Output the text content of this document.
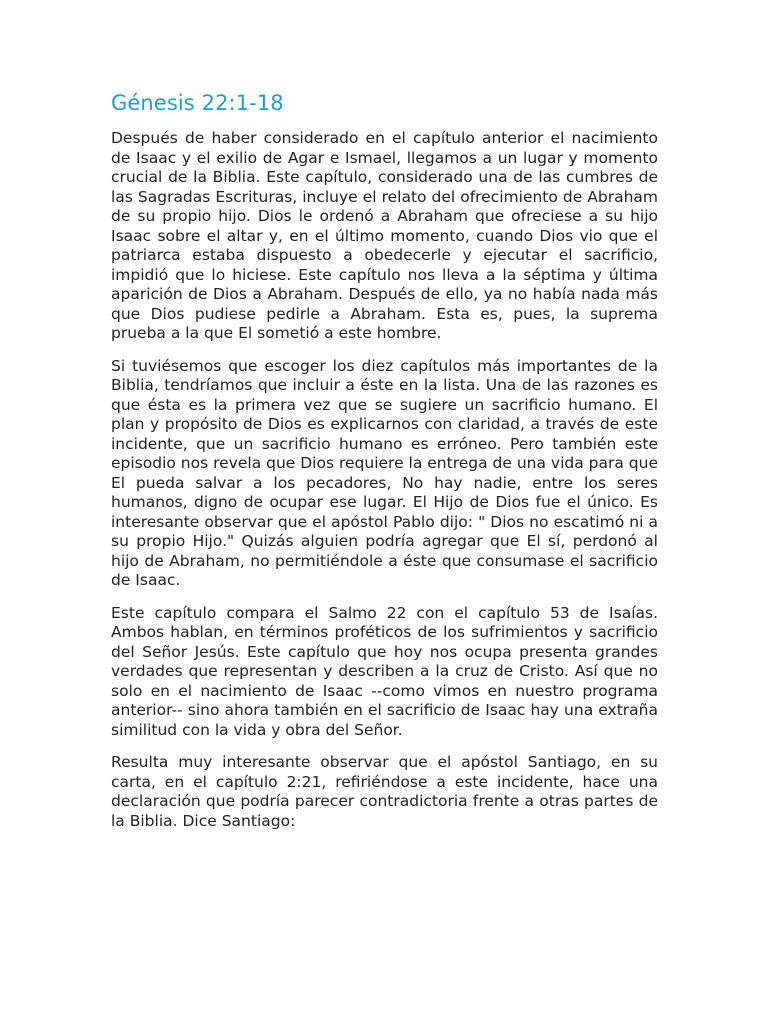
Génesis 22:1-18

Después de haber considerado en el capítulo anterior el nacimiento de Isaac y el exilio de Agar e Ismael, llegamos a un lugar y momento crucial de la Biblia. Este capítulo, considerado una de las cumbres de las Sagradas Escrituras, incluye el relato del ofrecimiento de Abraham de su propio hijo. Dios le ordenó a Abraham que ofreciese a su hijo Isaac sobre el altar y, en el último momento, cuando Dios vio que el patriarca estaba dispuesto a obedecerle y ejecutar el sacrificio, impidió que lo hiciese. Este capítulo nos lleva a la séptima y última aparición de Dios a Abraham. Después de ello, ya no había nada más que Dios pudiese pedirle a Abraham. Esta es, pues, la suprema prueba a la que El sometió a este hombre.

Si tuviésemos que escoger los diez capítulos más importantes de la Biblia, tendríamos que incluir a éste en la lista. Una de las razones es que ésta es la primera vez que se sugiere un sacrificio humano. El plan y propósito de Dios es explicarnos con claridad, a través de este incidente, que un sacrificio humano es erróneo. Pero también este episodio nos revela que Dios requiere la entrega de una vida para que El pueda salvar a los pecadores, No hay nadie, entre los seres humanos, digno de ocupar ese lugar. El Hijo de Dios fue el único. Es interesante observar que el apóstol Pablo dijo: " Dios no escatimó ni a su propio Hijo." Quizás alguien podría agregar que El sí, perdonó al hijo de Abraham, no permitiéndole a éste que consumase el sacrificio de Isaac.

Este capítulo compara el Salmo 22 con el capítulo 53 de Isaías. Ambos hablan, en términos proféticos de los sufrimientos y sacrificio del Señor Jesús. Este capítulo que hoy nos ocupa presenta grandes verdades que representan y describen a la cruz de Cristo. Así que no solo en el nacimiento de Isaac --como vimos en nuestro programa anterior-- sino ahora también en el sacrificio de Isaac hay una extraña similitud con la vida y obra del Señor.

Resulta muy interesante observar que el apóstol Santiago, en su carta, en el capítulo 2:21, refiriéndose a este incidente, hace una declaración que podría parecer contradictoria frente a otras partes de la Biblia. Dice Santiago:
